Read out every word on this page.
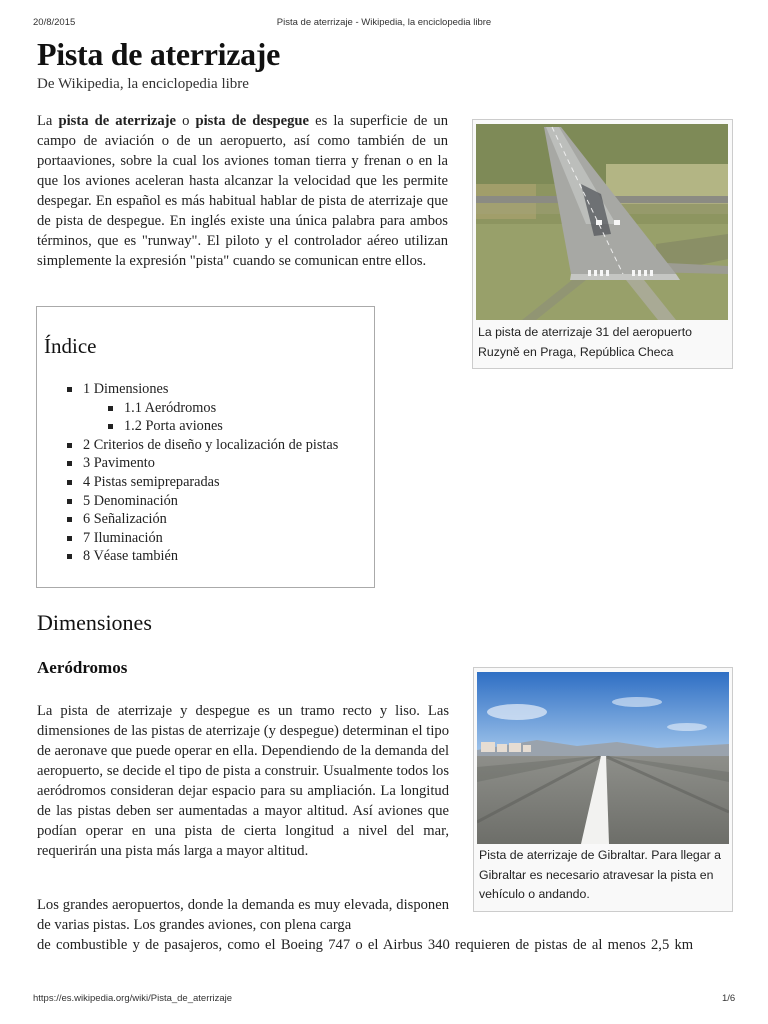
20/8/2015	Pista de aterrizaje - Wikipedia, la enciclopedia libre
Pista de aterrizaje
De Wikipedia, la enciclopedia libre

La pista de aterrizaje o pista de despegue es la superficie de un campo de aviación o de un aeropuerto, así como también de un portaaviones, sobre la cual los aviones toman tierra y frenan o en la que los aviones aceleran hasta alcanzar la velocidad que les permite despegar. En español es más habitual hablar de pista de aterrizaje que de pista de despegue. En inglés existe una única palabra para ambos términos, que es "runway". El piloto y el controlador aéreo utilizan simplemente la expresión "pista" cuando se comunican entre ellos.

La pista de aterrizaje 31 del aeropuerto Ruzyně en Praga, República Checa
Índice
1 Dimensiones
1.1 Aeródromos
1.2 Porta aviones
2 Criterios de diseño y localización de pistas
3 Pavimento
4 Pistas semipreparadas
5 Denominación
6 Señalización
7 Iluminación
8 Véase también
Dimensiones
Aeródromos

La pista de aterrizaje y despegue es un tramo recto y liso. Las dimensiones de las pistas de aterrizaje (y despegue) determinan el tipo de aeronave que puede operar en ella. Dependiendo de la demanda del aeropuerto, se decide el tipo de pista a construir. Usualmente todos los aeródromos consideran dejar espacio para su ampliación. La longitud de las pistas deben ser aumentadas a mayor altitud. Así aviones que podían operar en una pista de cierta longitud a nivel del mar, requerirán una pista más larga a mayor altitud.

Los grandes aeropuertos, donde la demanda es muy elevada, disponen de varias pistas. Los grandes aviones, con plena carga

de combustible y de pasajeros, como el Boeing 747 o el Airbus 340 requieren de pistas de al menos 2,5 km

Pista de aterrizaje de Gibraltar. Para llegar a Gibraltar es necesario atravesar la pista en vehículo o andando.
https://es.wikipedia.org/wiki/Pista_de_aterrizaje	1/6
